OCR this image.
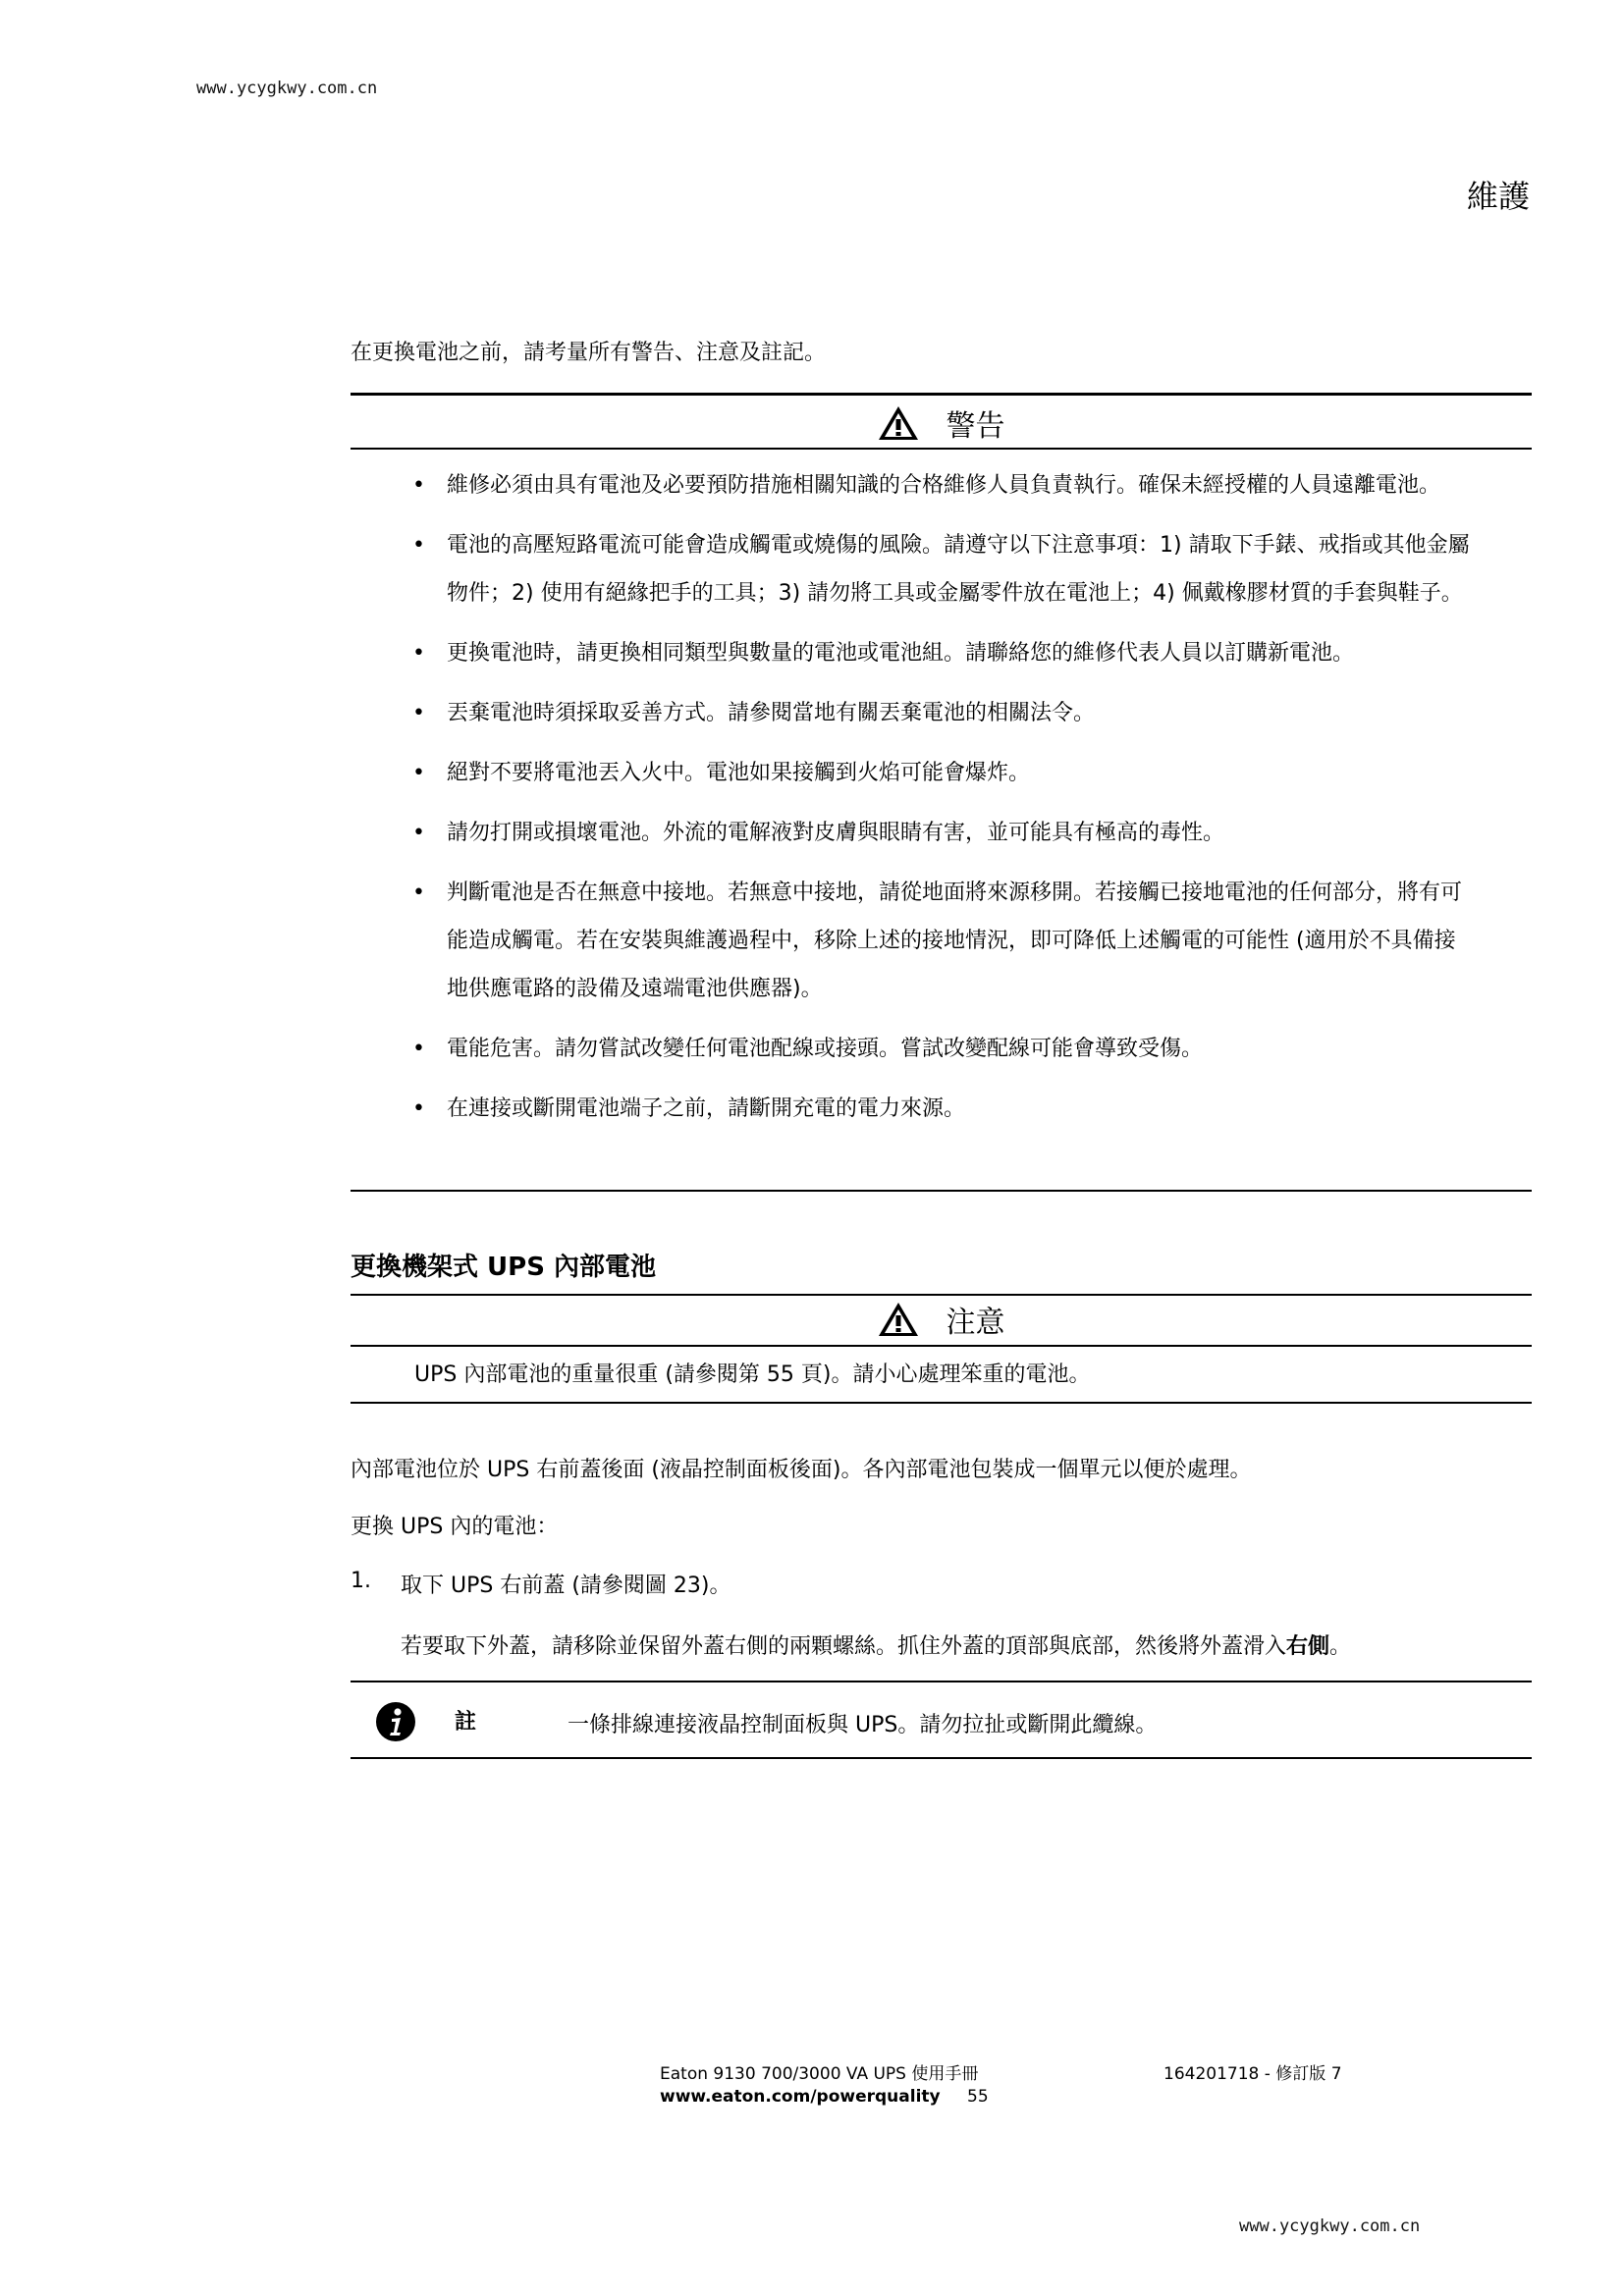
www.ycygkwy.com.cn
維護
在更換電池之前，請考量所有警告、注意及註記。
警告
• 維修必須由具有電池及必要預防措施相關知識的合格維修人員負責執行。確保未經授權的人員遠離電池。
• 電池的高壓短路電流可能會造成觸電或燒傷的風險。請遵守以下注意事項：1) 請取下手錶、戒指或其他金屬物件；2) 使用有絕緣把手的工具；3) 請勿將工具或金屬零件放在電池上；4) 佩戴橡膠材質的手套與鞋子。
• 更換電池時，請更換相同類型與數量的電池或電池組。請聯絡您的維修代表人員以訂購新電池。
• 丟棄電池時須採取妥善方式。請參閱當地有關丟棄電池的相關法令。
• 絕對不要將電池丟入火中。電池如果接觸到火焰可能會爆炸。
• 請勿打開或損壞電池。外流的電解液對皮膚與眼睛有害，並可能具有極高的毒性。
• 判斷電池是否在無意中接地。若無意中接地，請從地面將來源移開。若接觸已接地電池的任何部分，將有可能造成觸電。若在安裝與維護過程中，移除上述的接地情況，即可降低上述觸電的可能性 (適用於不具備接地供應電路的設備及遠端電池供應器)。
• 電能危害。請勿嘗試改變任何電池配線或接頭。嘗試改變配線可能會導致受傷。
• 在連接或斷開電池端子之前，請斷開充電的電力來源。
更換機架式 UPS 內部電池
注意
UPS 內部電池的重量很重 (請參閱第 55 頁)。請小心處理笨重的電池。
內部電池位於 UPS 右前蓋後面 (液晶控制面板後面)。各內部電池包裝成一個單元以便於處理。
更換 UPS 內的電池：
1. 取下 UPS 右前蓋 (請參閱圖 23)。
若要取下外蓋，請移除並保留外蓋右側的兩顆螺絲。抓住外蓋的頂部與底部，然後將外蓋滑入右側。
註	一條排線連接液晶控制面板與 UPS。請勿拉扯或斷開此纜線。
Eaton 9130 700/3000 VA UPS 使用手冊	164201718 - 修訂版 7
www.eaton.com/powerquality 55
www.ycygkwy.com.cn
